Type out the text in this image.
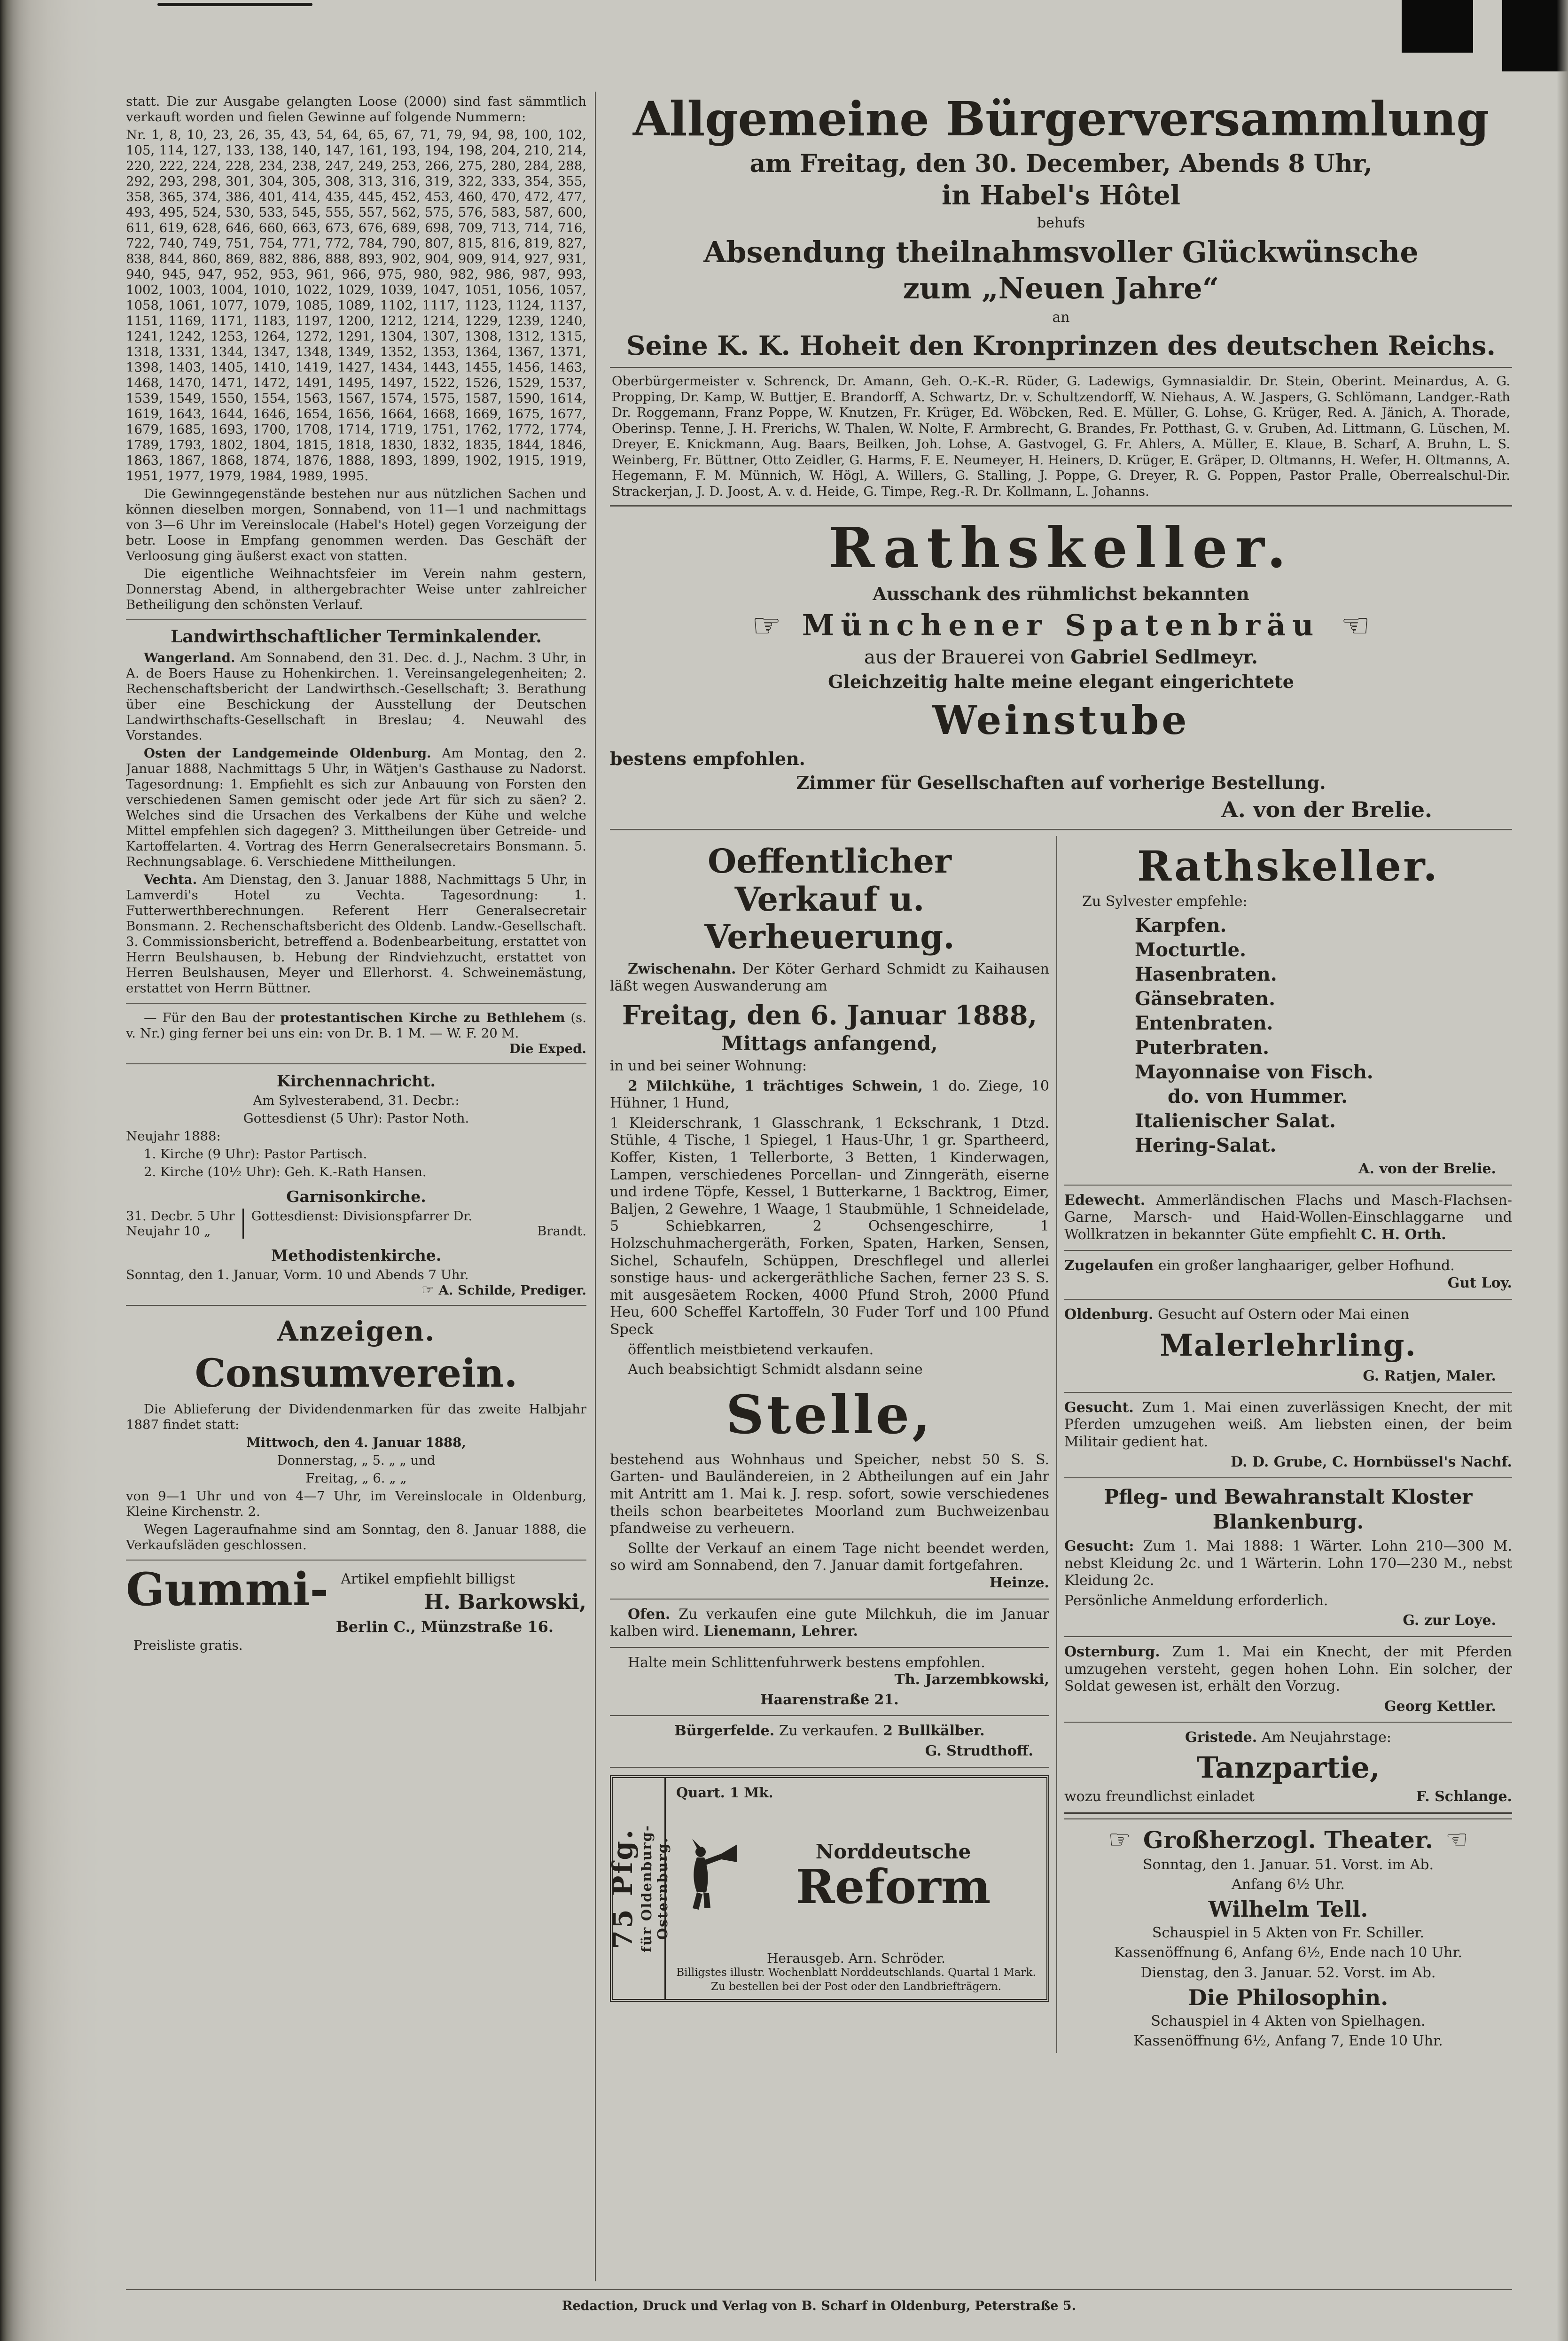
statt. Die zur Ausgabe gelangten Loose (2000) sind fast sämmtlich verkauft worden und fielen Gewinne auf folgende Nummern:

Nr. 1, 8, 10, 23, 26, 35, 43, 54, 64, 65, 67, 71, 79, 94, 98, 100, 102, 105, 114, 127, 133, 138, 140, 147, 161, 193, 194, 198, 204, 210, 214, 220, 222, 224, 228, 234, 238, 247, 249, 253, 266, 275, 280, 284, 288, 292, 293, 298, 301, 304, 305, 308, 313, 316, 319, 322, 333, 354, 355, 358, 365, 374, 386, 401, 414, 435, 445, 452, 453, 460, 470, 472, 477, 493, 495, 524, 530, 533, 545, 555, 557, 562, 575, 576, 583, 587, 600, 611, 619, 628, 646, 660, 663, 673, 676, 689, 698, 709, 713, 714, 716, 722, 740, 749, 751, 754, 771, 772, 784, 790, 807, 815, 816, 819, 827, 838, 844, 860, 869, 882, 886, 888, 893, 902, 904, 909, 914, 927, 931, 940, 945, 947, 952, 953, 961, 966, 975, 980, 982, 986, 987, 993, 1002, 1003, 1004, 1010, 1022, 1029, 1039, 1047, 1051, 1056, 1057, 1058, 1061, 1077, 1079, 1085, 1089, 1102, 1117, 1123, 1124, 1137, 1151, 1169, 1171, 1183, 1197, 1200, 1212, 1214, 1229, 1239, 1240, 1241, 1242, 1253, 1264, 1272, 1291, 1304, 1307, 1308, 1312, 1315, 1318, 1331, 1344, 1347, 1348, 1349, 1352, 1353, 1364, 1367, 1371, 1398, 1403, 1405, 1410, 1419, 1427, 1434, 1443, 1455, 1456, 1463, 1468, 1470, 1471, 1472, 1491, 1495, 1497, 1522, 1526, 1529, 1537, 1539, 1549, 1550, 1554, 1563, 1567, 1574, 1575, 1587, 1590, 1614, 1619, 1643, 1644, 1646, 1654, 1656, 1664, 1668, 1669, 1675, 1677, 1679, 1685, 1693, 1700, 1708, 1714, 1719, 1751, 1762, 1772, 1774, 1789, 1793, 1802, 1804, 1815, 1818, 1830, 1832, 1835, 1844, 1846, 1863, 1867, 1868, 1874, 1876, 1888, 1893, 1899, 1902, 1915, 1919, 1951, 1977, 1979, 1984, 1989, 1995.

Die Gewinngegenstände bestehen nur aus nützlichen Sachen und können dieselben morgen, Sonnabend, von 11—1 und nachmittags von 3—6 Uhr im Vereinslocale (Habel's Hotel) gegen Vorzeigung der betr. Loose in Empfang genommen werden. Das Geschäft der Verloosung ging äußerst exact von statten.

Die eigentliche Weihnachtsfeier im Verein nahm gestern, Donnerstag Abend, in althergebrachter Weise unter zahlreicher Betheiligung den schönsten Verlauf.

Landwirthschaftlicher Terminkalender.

Wangerland. Am Sonnabend, den 31. Dec. d. J., Nachm. 3 Uhr, in A. de Boers Hause zu Hohenkirchen. 1. Vereinsangelegenheiten; 2. Rechenschaftsbericht der Landwirthsch.-Gesellschaft; 3. Berathung über eine Beschickung der Ausstellung der Deutschen Landwirthschafts-Gesellschaft in Breslau; 4. Neuwahl des Vorstandes.

Osten der Landgemeinde Oldenburg. Am Montag, den 2. Januar 1888, Nachmittags 5 Uhr, in Wätjen's Gasthause zu Nadorst. Tagesordnung: 1. Empfiehlt es sich zur Anbauung von Forsten den verschiedenen Samen gemischt oder jede Art für sich zu säen? 2. Welches sind die Ursachen des Verkalbens der Kühe und welche Mittel empfehlen sich dagegen? 3. Mittheilungen über Getreide- und Kartoffelarten. 4. Vortrag des Herrn Generalsecretairs Bonsmann. 5. Rechnungsablage. 6. Verschiedene Mittheilungen.

Vechta. Am Dienstag, den 3. Januar 1888, Nachmittags 5 Uhr, in Lamverdi's Hotel zu Vechta. Tagesordnung: 1. Futterwerthberechnungen. Referent Herr Generalsecretair Bonsmann. 2. Rechenschaftsbericht des Oldenb. Landw.-Gesellschaft. 3. Commissionsbericht, betreffend a. Bodenbearbeitung, erstattet von Herrn Beulshausen, b. Hebung der Rindviehzucht, erstattet von Herren Beulshausen, Meyer und Ellerhorst. 4. Schweinemästung, erstattet von Herrn Büttner.

— Für den Bau der protestantischen Kirche zu Bethlehem (s. v. Nr.) ging ferner bei uns ein: von Dr. B. 1 M. — W. F. 20 M.
Die Exped.

Kirchennachricht.

Am Sylvesterabend, 31. Decbr.:

Gottesdienst (5 Uhr): Pastor Noth.

Neujahr 1888:

1. Kirche (9 Uhr): Pastor Partisch.

2. Kirche (10½ Uhr): Geh. K.-Rath Hansen.

Garnisonkirche.
31. Decbr. 5 Uhr
Neujahr 10 „
Gottesdienst: Divisionspfarrer Dr.
Brandt.
Methodistenkirche.

Sonntag, den 1. Januar, Vorm. 10 und Abends 7 Uhr.
☞ A. Schilde, Prediger.

Anzeigen.
Consumverein.

Die Ablieferung der Dividendenmarken für das zweite Halbjahr 1887 findet statt:

Mittwoch, den 4. Januar 1888,

Donnerstag, „ 5. „ „ und

Freitag, „ 6. „ „

von 9—1 Uhr und von 4—7 Uhr, im Vereinslocale in Oldenburg, Kleine Kirchenstr. 2.

Wegen Lageraufnahme sind am Sonntag, den 8. Januar 1888, die Verkaufsläden geschlossen.

Gummi- Artikel empfiehlt billigst
H. Barkowski,
Berlin C., Münzstraße 16.
Preisliste gratis.
Allgemeine Bürgerversammlung
am Freitag, den 30. December, Abends 8 Uhr,
in Habel's Hôtel
behufs
Absendung theilnahmsvoller Glückwünsche
zum „Neuen Jahre“
an
Seine K. K. Hoheit den Kronprinzen des deutschen Reichs.

Oberbürgermeister v. Schrenck, Dr. Amann, Geh. O.-K.-R. Rüder, G. Ladewigs, Gymnasialdir. Dr. Stein, Oberint. Meinardus, A. G. Propping, Dr. Kamp, W. Buttjer, E. Brandorff, A. Schwartz, Dr. v. Schultzendorff, W. Niehaus, A. W. Jaspers, G. Schlömann, Landger.-Rath Dr. Roggemann, Franz Poppe, W. Knutzen, Fr. Krüger, Ed. Wöbcken, Red. E. Müller, G. Lohse, G. Krüger, Red. A. Jänich, A. Thorade, Oberinsp. Tenne, J. H. Frerichs, W. Thalen, W. Nolte, F. Armbrecht, G. Brandes, Fr. Potthast, G. v. Gruben, Ad. Littmann, G. Lüschen, M. Dreyer, E. Knickmann, Aug. Baars, Beilken, Joh. Lohse, A. Gastvogel, G. Fr. Ahlers, A. Müller, E. Klaue, B. Scharf, A. Bruhn, L. S. Weinberg, Fr. Büttner, Otto Zeidler, G. Harms, F. E. Neumeyer, H. Heiners, D. Krüger, E. Gräper, D. Oltmanns, H. Wefer, H. Oltmanns, A. Hegemann, F. M. Münnich, W. Högl, A. Willers, G. Stalling, J. Poppe, G. Dreyer, R. G. Poppen, Pastor Pralle, Oberrealschul-Dir. Strackerjan, J. D. Joost, A. v. d. Heide, G. Timpe, Reg.-R. Dr. Kollmann, L. Johanns.

Rathskeller.
Ausschank des rühmlichst bekannten
☞ Münchener Spatenbräu ☜
aus der Brauerei von Gabriel Sedlmeyr.
Gleichzeitig halte meine elegant eingerichtete
Weinstube
bestens empfohlen.
Zimmer für Gesellschaften auf vorherige Bestellung.
A. von der Brelie.
Oeffentlicher
Verkauf u. Verheuerung.

Zwischenahn. Der Köter Gerhard Schmidt zu Kaihausen läßt wegen Auswanderung am

Freitag, den 6. Januar 1888,
Mittags anfangend,

in und bei seiner Wohnung:

2 Milchkühe, 1 trächtiges Schwein, 1 do. Ziege, 10 Hühner, 1 Hund,

1 Kleiderschrank, 1 Glasschrank, 1 Eckschrank, 1 Dtzd. Stühle, 4 Tische, 1 Spiegel, 1 Haus-Uhr, 1 gr. Spartheerd, Koffer, Kisten, 1 Tellerborte, 3 Betten, 1 Kinderwagen, Lampen, verschiedenes Porcellan- und Zinngeräth, eiserne und irdene Töpfe, Kessel, 1 Butterkarne, 1 Backtrog, Eimer, Baljen, 2 Gewehre, 1 Waage, 1 Staubmühle, 1 Schneidelade, 5 Schiebkarren, 2 Ochsengeschirre, 1 Holzschuhmachergeräth, Forken, Spaten, Harken, Sensen, Sichel, Schaufeln, Schüppen, Dreschflegel und allerlei sonstige haus- und ackergeräthliche Sachen, ferner 23 S. S. mit ausgesäetem Rocken, 4000 Pfund Stroh, 2000 Pfund Heu, 600 Scheffel Kartoffeln, 30 Fuder Torf und 100 Pfund Speck

öffentlich meistbietend verkaufen.

Auch beabsichtigt Schmidt alsdann seine

Stelle,

bestehend aus Wohnhaus und Speicher, nebst 50 S. S. Garten- und Bauländereien, in 2 Abtheilungen auf ein Jahr mit Antritt am 1. Mai k. J. resp. sofort, sowie verschiedenes theils schon bearbeitetes Moorland zum Buchweizenbau pfandweise zu verheuern.

Sollte der Verkauf an einem Tage nicht beendet werden, so wird am Sonnabend, den 7. Januar damit fortgefahren.
Heinze.

Ofen. Zu verkaufen eine gute Milchkuh, die im Januar kalben wird. Lienemann, Lehrer.

Halte mein Schlittenfuhrwerk bestens empfohlen.
Th. Jarzembkowski,

Haarenstraße 21.

Bürgerfelde. Zu verkaufen. 2 Bullkälber.

G. Strudthoff.
75 Pfg. für Oldenburg-Osternburg.
Quart. 1 Mk.
Norddeutsche
Reform
Herausgeb. Arn. Schröder.
Billigstes illustr. Wochenblatt Norddeutschlands. Quartal 1 Mark.
Zu bestellen bei der Post oder den Landbriefträgern.
Rathskeller.

Zu Sylvester empfehle:

Karpfen.
Mocturtle.
Hasenbraten.
Gänsebraten.
Entenbraten.
Puterbraten.
Mayonnaise von Fisch.
do. von Hummer.
Italienischer Salat.
Hering-Salat.
A. von der Brelie.

Edewecht. Ammerländischen Flachs und Masch-Flachsen-Garne, Marsch- und Haid-Wollen-Einschlaggarne und Wollkratzen in bekannter Güte empfiehlt C. H. Orth.

Zugelaufen ein großer langhaariger, gelber Hofhund.
Gut Loy.

Oldenburg. Gesucht auf Ostern oder Mai einen

Malerlehrling.
G. Ratjen, Maler.

Gesucht. Zum 1. Mai einen zuverlässigen Knecht, der mit Pferden umzugehen weiß. Am liebsten einen, der beim Militair gedient hat.

D. D. Grube, C. Hornbüssel's Nachf.
Pfleg- und Bewahranstalt Kloster
Blankenburg.

Gesucht: Zum 1. Mai 1888: 1 Wärter. Lohn 210—300 M. nebst Kleidung 2c. und 1 Wärterin. Lohn 170—230 M., nebst Kleidung 2c.

Persönliche Anmeldung erforderlich.

G. zur Loye.

Osternburg. Zum 1. Mai ein Knecht, der mit Pferden umzugehen versteht, gegen hohen Lohn. Ein solcher, der Soldat gewesen ist, erhält den Vorzug.

Georg Kettler.

Gristede. Am Neujahrstage:

Tanzpartie,

wozu freundlichst einladet	F. Schlange.

☞ Großherzogl. Theater. ☜

Sonntag, den 1. Januar. 51. Vorst. im Ab.

Anfang 6½ Uhr.

Wilhelm Tell.

Schauspiel in 5 Akten von Fr. Schiller.

Kassenöffnung 6, Anfang 6½, Ende nach 10 Uhr.

Dienstag, den 3. Januar. 52. Vorst. im Ab.

Die Philosophin.

Schauspiel in 4 Akten von Spielhagen.

Kassenöffnung 6½, Anfang 7, Ende 10 Uhr.

Redaction, Druck und Verlag von B. Scharf in Oldenburg, Peterstraße 5.
